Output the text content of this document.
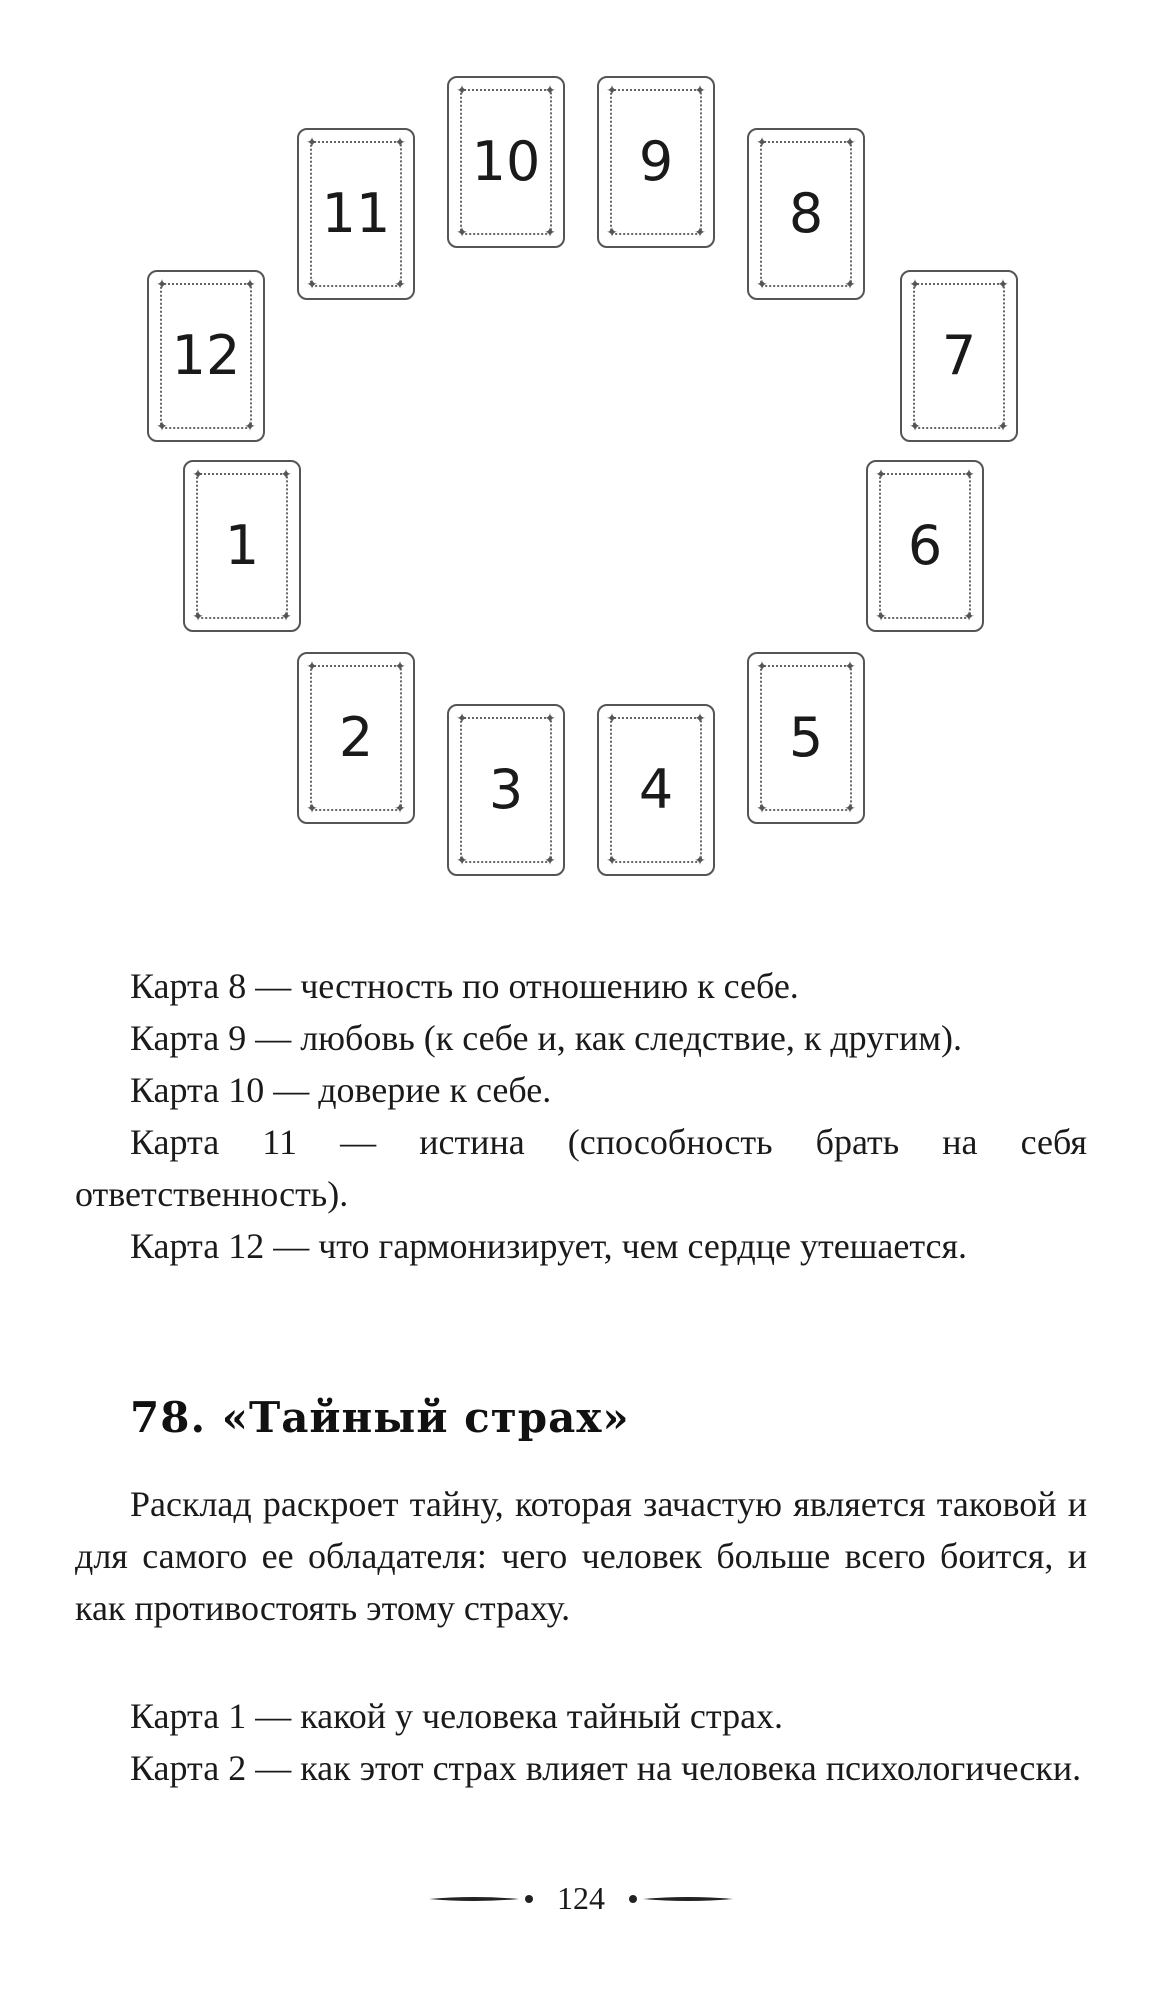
✦	✦
✦	✦
10
✦	✦
✦	✦
9
✦	✦
✦	✦
11
✦	✦
✦	✦
8
✦	✦
✦	✦
12
✦	✦
✦	✦
7
✦	✦
✦	✦
1
✦	✦
✦	✦
6
✦	✦
✦	✦
2
✦	✦
✦	✦
5
✦	✦
✦	✦
3
✦	✦
✦	✦
4

Карта 8 — честность по отношению к себе.

Карта 9 — любовь (к себе и, как следствие, к другим).

Карта 10 — доверие к себе.

Карта 11 — истина (способность брать на себя ответственность).

Карта 12 — что гармонизирует, чем сердце утешается.

78. «Тайный страх»

Расклад раскроет тайну, которая зачастую является таковой и для самого ее обладателя: чего человек больше всего боится, и как противостоять этому страху.

Карта 1 — какой у человека тайный страх.

Карта 2 — как этот страх влияет на человека психологически.

124
